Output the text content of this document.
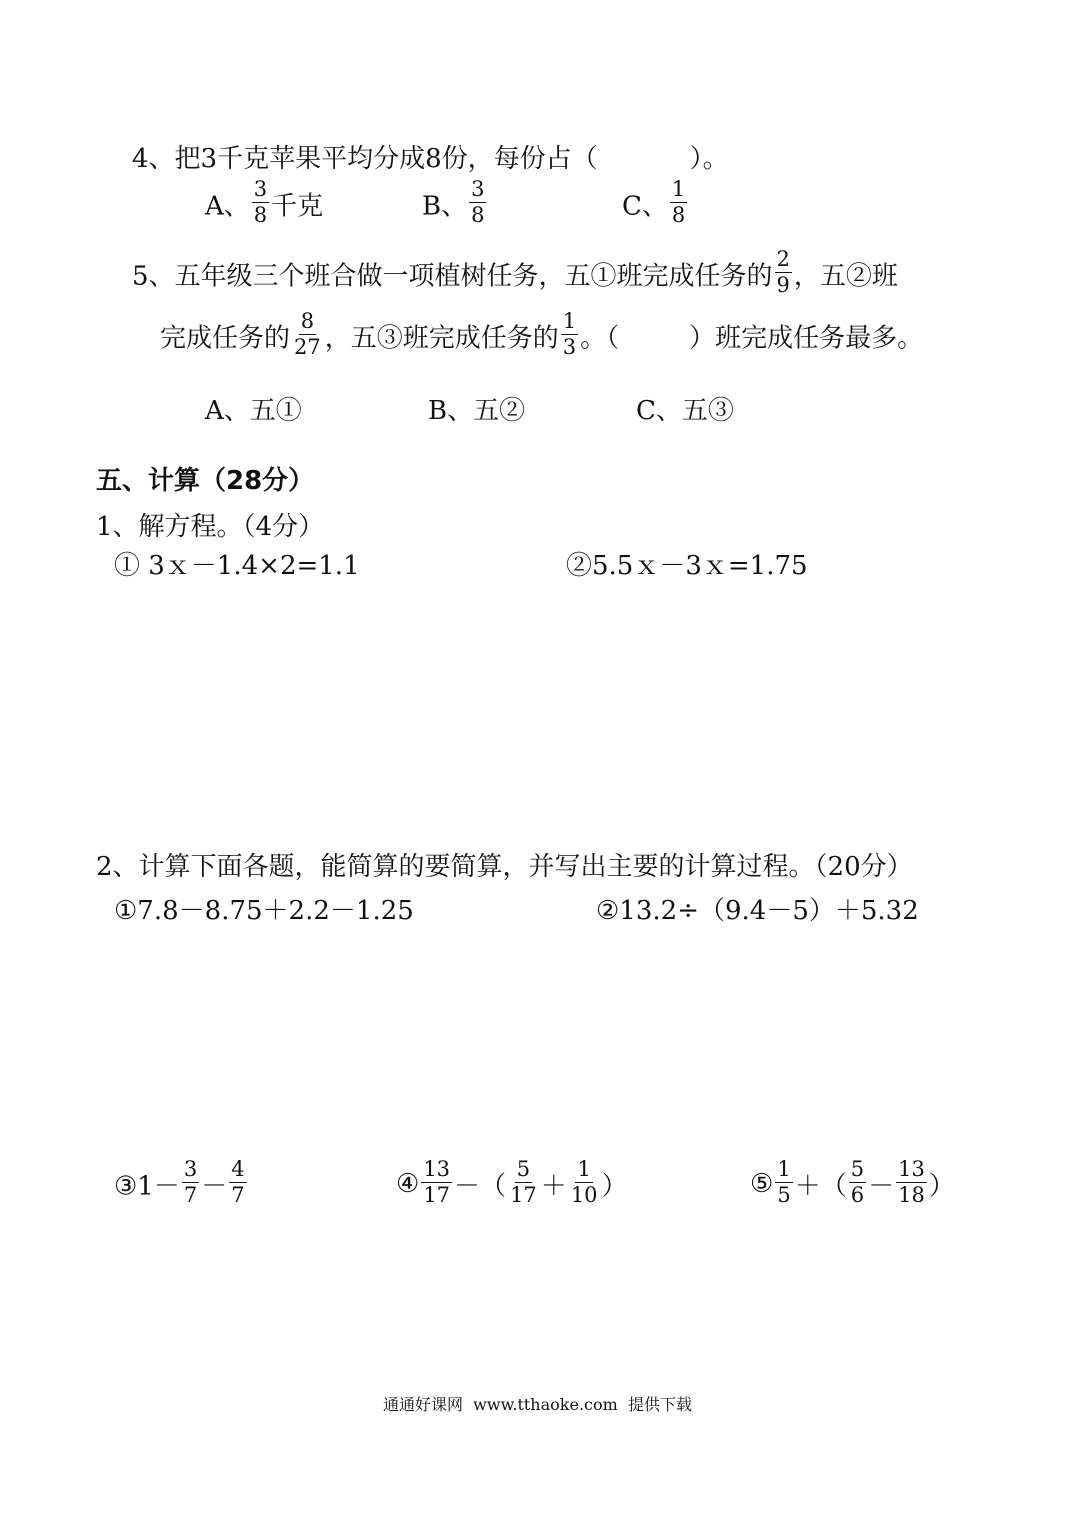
4、把3千克苹果平均分成8份，每份占（	）。
A、 $\frac{3}{8}$ 千克	B、 $\frac{3}{8}$	C、 $\frac{1}{8}$
5、五年级三个班合做一项植树任务，五①班完成任务的 $\frac{2}{9}$ ，五②班
完成任务的 $\frac{8}{27}$ ，五③班完成任务的 $\frac{1}{3}$ 。（	）班完成任务最多。
A、五①	B、五②	C、五③
五、计算（28分）
1、解方程。（4分）
① 3ｘ－1.4×2=1.1	②5.5ｘ－3ｘ=1.75
2、计算下面各题，能简算的要简算，并写出主要的计算过程。（20分）
①7.8－8.75＋2.2－1.25	②13.2÷（9.4－5）＋5.32
③1－ $\frac{3}{7} - \frac{4}{7}$	④ $\frac{13}{17}$ －（ $\frac{5}{17} + \frac{1}{10}$ ）	⑤ $\frac{1}{5}$ ＋（ $\frac{5}{6} - \frac{13}{18}$ ）
通通好课网  www.tthaoke.com  提供下载
